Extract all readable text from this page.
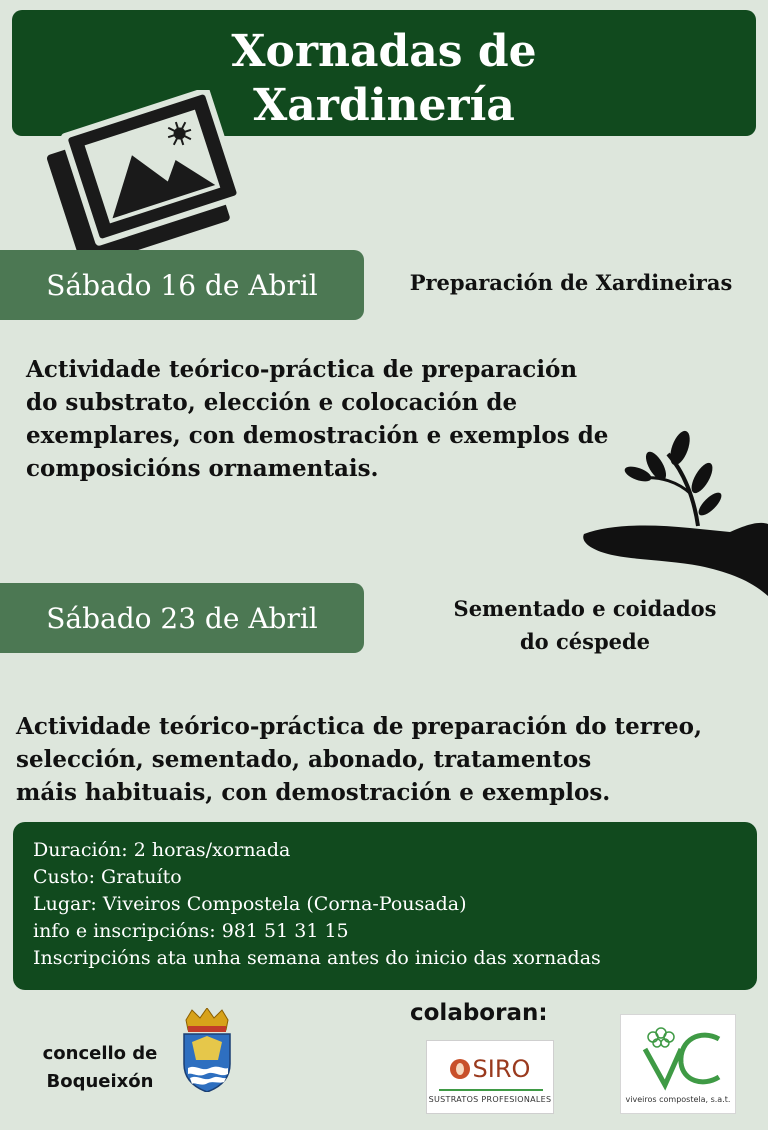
Xornadas de
Xardinería
Sábado 16 de Abril	Preparación de Xardineiras
Actividade teórico-práctica de preparación
do substrato, elección e colocación de
exemplares, con demostración e exemplos de
composicións ornamentais.
Sábado 23 de Abril	Sementado e coidados
do céspede
Actividade teórico-práctica de preparación do terreo,
selección, sementado, abonado, tratamentos
máis habituais, con demostración e exemplos.
Duración: 2 horas/xornada
Custo: Gratuíto
Lugar: Viveiros Compostela (Corna-Pousada)
info e inscripcións: 981 51 31 15
Inscripcións ata unha semana antes do inicio das xornadas
concello de
Boqueixón
colaboran:
SIRO
SUSTRATOS PROFESIONALES	viveiros compostela, s.a.t.
